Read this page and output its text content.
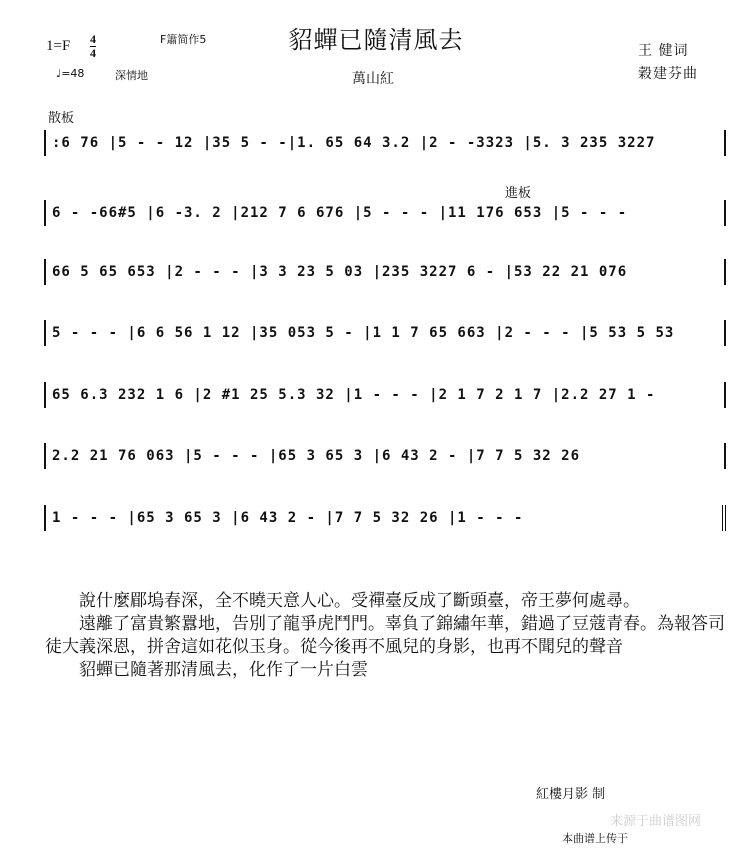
貂蟬已隨清風去
1=F 4
4
F簫简作5
♩=48	深情地	萬山紅
王 健词
穀建芬曲
散板
進板
:6 76 |5 - - 12 |35 5 - -|1. 65 64 3.2 |2 - -3323 |5. 3 235 3227
6 - -66#5 |6 -3. 2 |212 7 6 676 |5 - - - |11 176 653 |5 - - -
66 5 65 653 |2 - - - |3 3 23 5 03 |235 3227 6 - |53 22 21 076
5 - - - |6 6 56 1 12 |35 053 5 - |1 1 7 65 663 |2 - - - |5 53 5 53
65 6.3 232 1 6 |2 #1 25 5.3 32 |1 - - - |2 1 7 2 1 7 |2.2 27 1 -
2.2 21 76 063 |5 - - - |65 3 65 3 |6 43 2 - |7 7 5 32 26
1 - - - |65 3 65 3 |6 43 2 - |7 7 5 32 26 |1 - - -

說什麼郿塢春深，全不曉天意人心。受禪臺反成了斷頭臺，帝王夢何處尋。

遠離了富貴繁囂地，告別了龍爭虎鬥門。辜負了錦繡年華，錯過了豆蔻青春。為報答司徒大義深恩，拼舍這如花似玉身。從今後再不風兒的身影，也再不聞兒的聲音

貂蟬已隨著那清風去，化作了一片白雲

紅樓月影 制
来源于曲谱图网
本曲谱上传于
